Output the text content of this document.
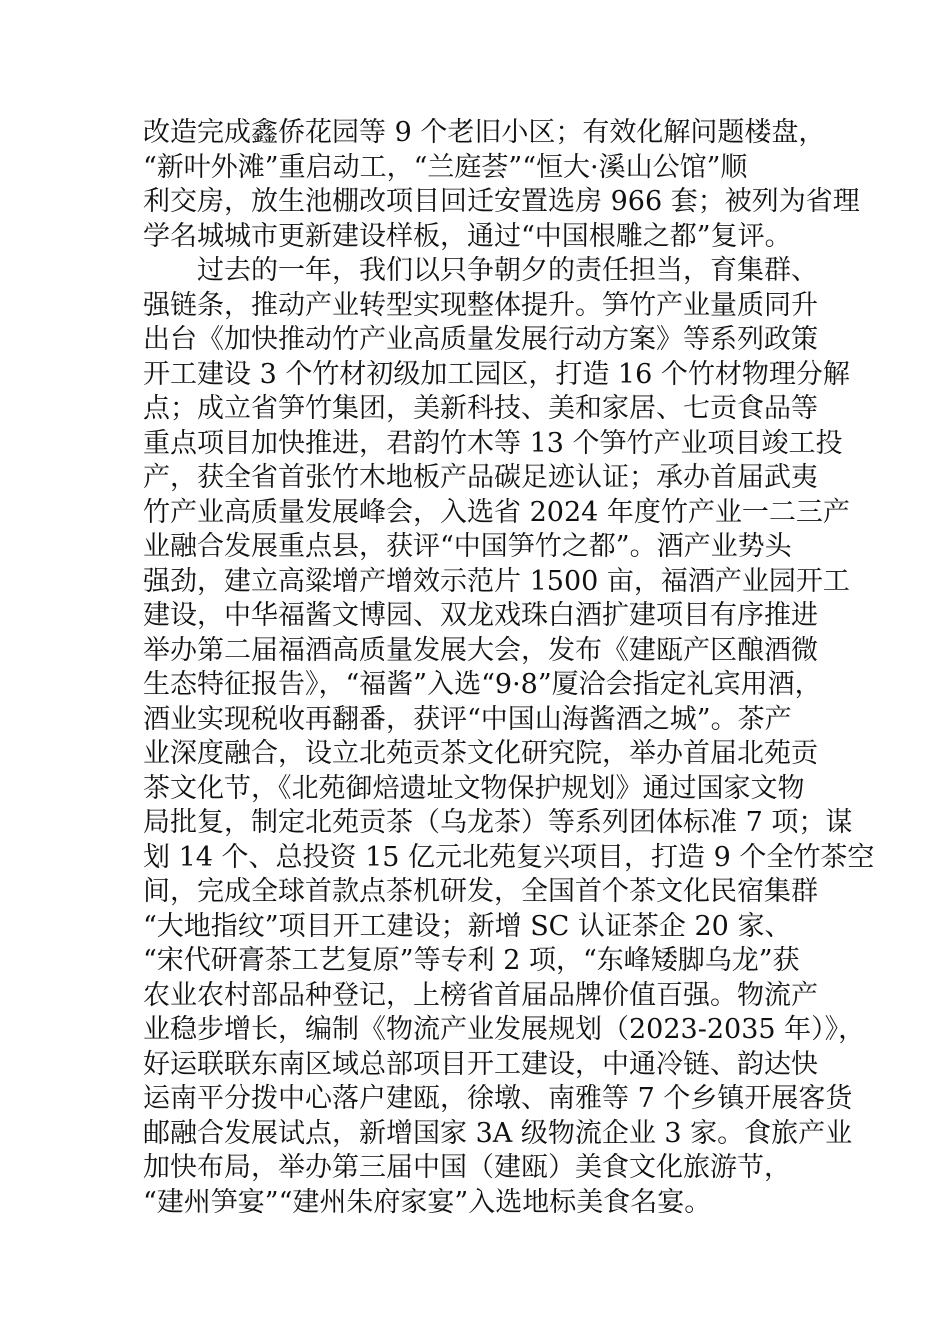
改造完成鑫侨花园等 9 个老旧小区；有效化解问题楼盘，
“新叶外滩”重启动工，“兰庭荟”“恒大·溪山公馆”顺
利交房，放生池棚改项目回迁安置选房 966 套；被列为省理
学名城城市更新建设样板，通过“中国根雕之都”复评。
过去的一年，我们以只争朝夕的责任担当，育集群、
强链条，推动产业转型实现整体提升。笋竹产业量质同升
出台《加快推动竹产业高质量发展行动方案》等系列政策
开工建设 3 个竹材初级加工园区，打造 16 个竹材物理分解
点；成立省笋竹集团，美新科技、美和家居、七贡食品等
重点项目加快推进，君韵竹木等 13 个笋竹产业项目竣工投
产，获全省首张竹木地板产品碳足迹认证；承办首届武夷
竹产业高质量发展峰会，入选省 2024 年度竹产业一二三产
业融合发展重点县，获评“中国笋竹之都”。酒产业势头
强劲，建立高粱增产增效示范片 1500 亩，福酒产业园开工
建设，中华福酱文博园、双龙戏珠白酒扩建项目有序推进
举办第二届福酒高质量发展大会，发布《建瓯产区酿酒微
生态特征报告》，“福酱”入选“9·8”厦洽会指定礼宾用酒，
酒业实现税收再翻番，获评“中国山海酱酒之城”。茶产
业深度融合，设立北苑贡茶文化研究院，举办首届北苑贡
茶文化节，《北苑御焙遗址文物保护规划》通过国家文物
局批复，制定北苑贡茶（乌龙茶）等系列团体标准 7 项；谋
划 14 个、总投资 15 亿元北苑复兴项目，打造 9 个全竹茶空
间，完成全球首款点茶机研发，全国首个茶文化民宿集群
“大地指纹”项目开工建设；新增 SC 认证茶企 20 家、
“宋代研膏茶工艺复原”等专利 2 项，“东峰矮脚乌龙”获
农业农村部品种登记，上榜省首届品牌价值百强。物流产
业稳步增长，编制《物流产业发展规划（2023-2035 年）》，
好运联联东南区域总部项目开工建设，中通冷链、韵达快
运南平分拨中心落户建瓯，徐墩、南雅等 7 个乡镇开展客货
邮融合发展试点，新增国家 3A 级物流企业 3 家。食旅产业
加快布局，举办第三届中国（建瓯）美食文化旅游节，
“建州笋宴”“建州朱府家宴”入选地标美食名宴。
